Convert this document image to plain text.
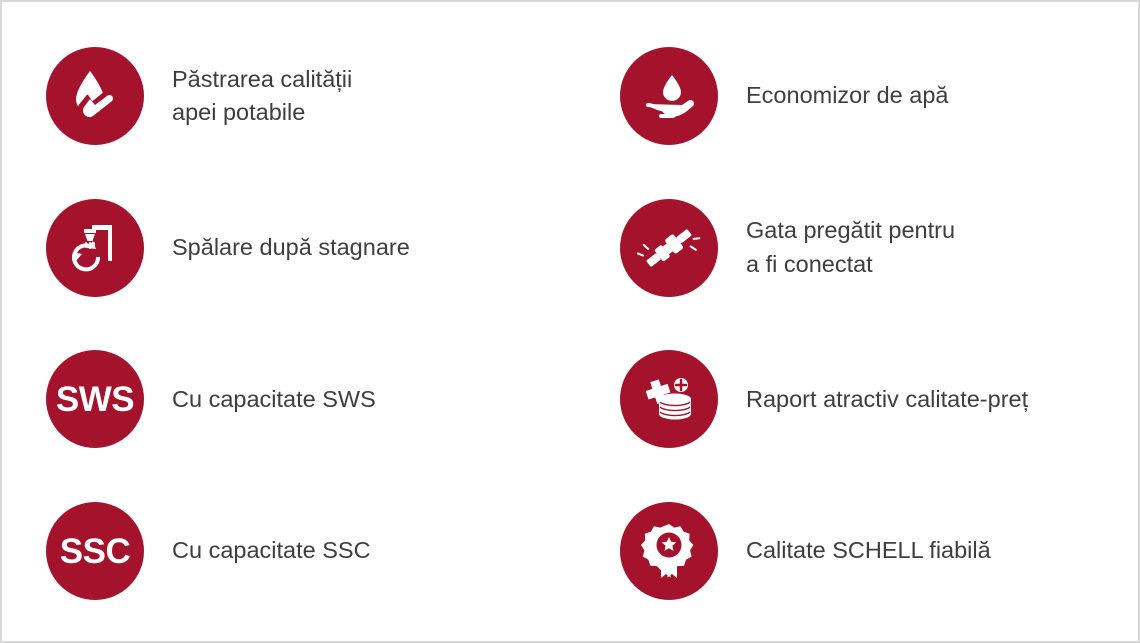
Păstrarea calității
apei potabile
Economizor de apă
Spălare după stagnare
Gata pregătit pentru
a fi conectat
SWS Cu capacitate SWS	Raport atractiv calitate-preț
SSC Cu capacitate SSC	Calitate SCHELL fiabilă
